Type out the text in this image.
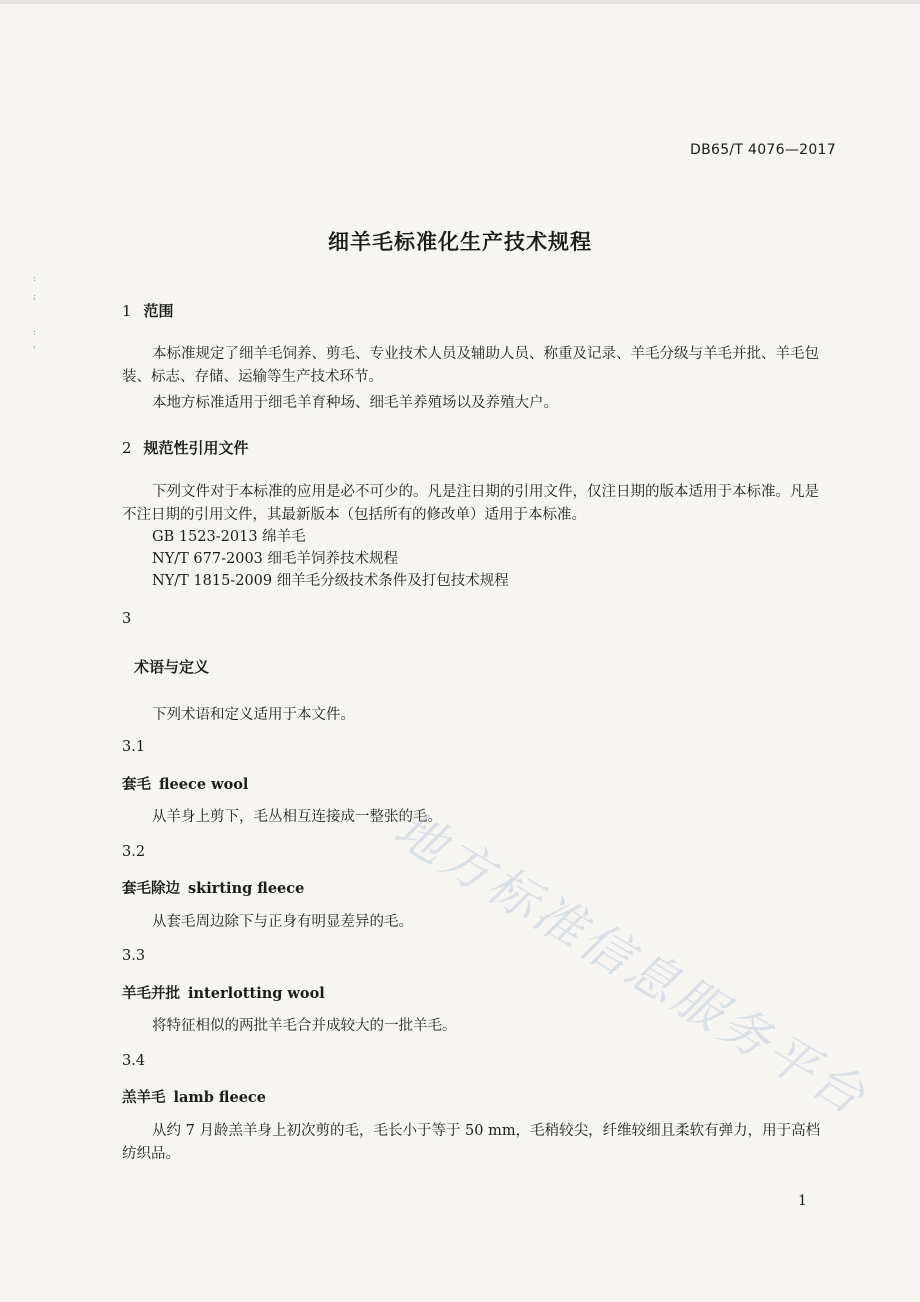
DB65/T 4076—2017
细羊毛标准化生产技术规程
1 范围
本标准规定了细羊毛饲养、剪毛、专业技术人员及辅助人员、称重及记录、羊毛分级与羊毛并批、羊毛包装、标志、存储、运输等生产技术环节。
本地方标准适用于细毛羊育种场、细毛羊养殖场以及养殖大户。
2 规范性引用文件
下列文件对于本标准的应用是必不可少的。凡是注日期的引用文件，仅注日期的版本适用于本标准。凡是不注日期的引用文件，其最新版本（包括所有的修改单）适用于本标准。
GB 1523-2013 绵羊毛
NY/T 677-2003 细毛羊饲养技术规程
NY/T 1815-2009 细羊毛分级技术条件及打包技术规程
3
术语与定义
下列术语和定义适用于本文件。
3.1
套毛 fleece wool
从羊身上剪下，毛丛相互连接成一整张的毛。
3.2
套毛除边 skirting fleece
从套毛周边除下与正身有明显差异的毛。
3.3
羊毛并批 interlotting wool
将特征相似的两批羊毛合并成较大的一批羊毛。
3.4
羔羊毛 lamb fleece
从约 7 月龄羔羊身上初次剪的毛，毛长小于等于 50 mm，毛稍较尖，纤维较细且柔软有弹力，用于高档纺织品。
1
地方标准信息服务平台
:
;

:
'
